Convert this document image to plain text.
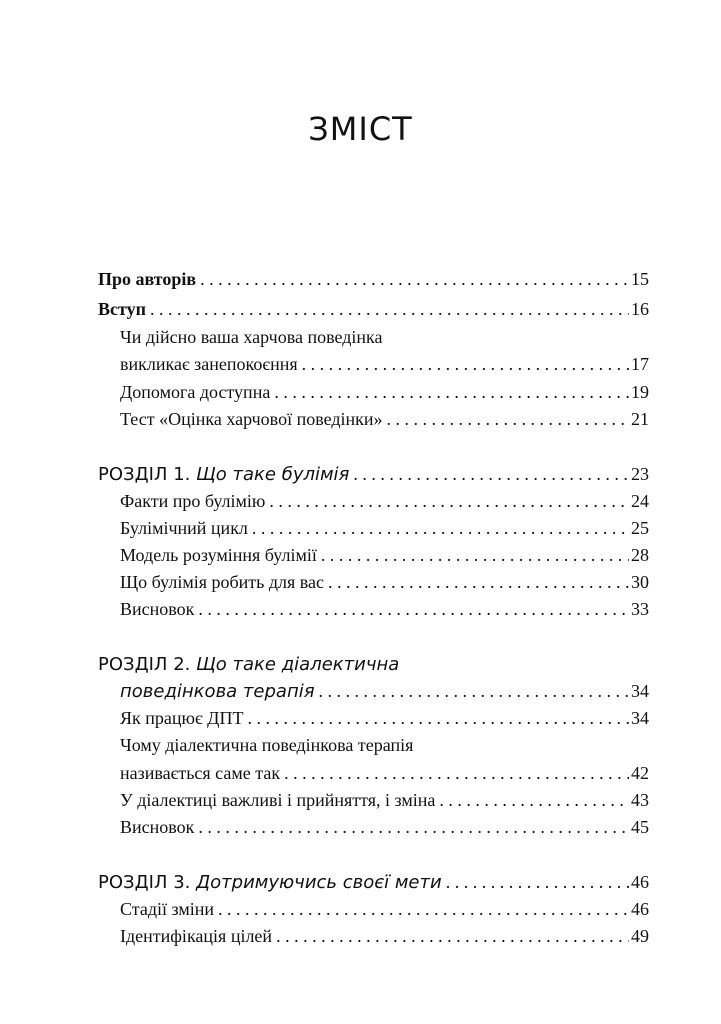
ЗМІСТ
Про авторів . . .	15
Вступ . . .	16
Чи дійсно ваша харчова поведінка
викликає занепокоєння . . .	17
Допомога доступна . . .	19
Тест «Оцінка харчової поведінки» . . .	21
РОЗДІЛ 1. Що таке булімія . . .	23
Факти про булімію . . .	24
Булімічний цикл . . .	25
Модель розуміння булімії . . .	28
Що булімія робить для вас . . .	30
Висновок . . .	33
РОЗДІЛ 2. Що таке діалектична
поведінкова терапія . . .	34
Як працює ДПТ . . .	34
Чому діалектична поведінкова терапія
називається саме так . . .	42
У діалектиці важливі і прийняття, і зміна . . .	43
Висновок . . .	45
РОЗДІЛ 3. Дотримуючись своєї мети . . .	46
Стадії зміни . . .	46
Ідентифікація цілей . . .	49
